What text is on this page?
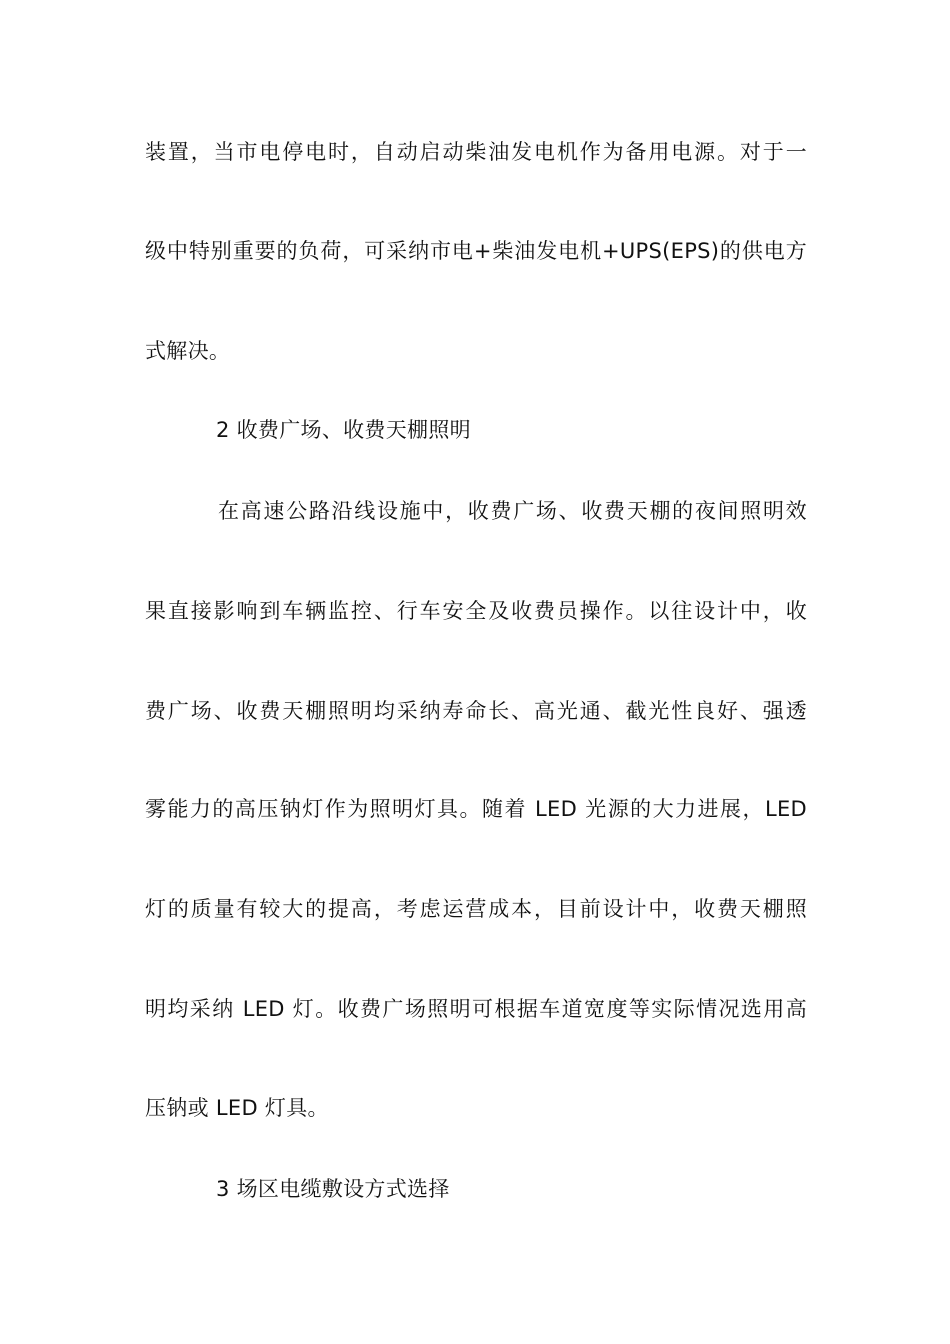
装置，当市电停电时，自动启动柴油发电机作为备用电源。对于一
级中特别重要的负荷，可采纳市电+柴油发电机+UPS(EPS)的供电方
式解决。
2 收费广场、收费天棚照明
在高速公路沿线设施中，收费广场、收费天棚的夜间照明效
果直接影响到车辆监控、行车安全及收费员操作。以往设计中，收
费广场、收费天棚照明均采纳寿命长、高光通、截光性良好、强透
雾能力的高压钠灯作为照明灯具。随着 LED 光源的大力进展，LED
灯的质量有较大的提高，考虑运营成本，目前设计中，收费天棚照
明均采纳 LED 灯。收费广场照明可根据车道宽度等实际情况选用高
压钠或 LED 灯具。
3 场区电缆敷设方式选择
